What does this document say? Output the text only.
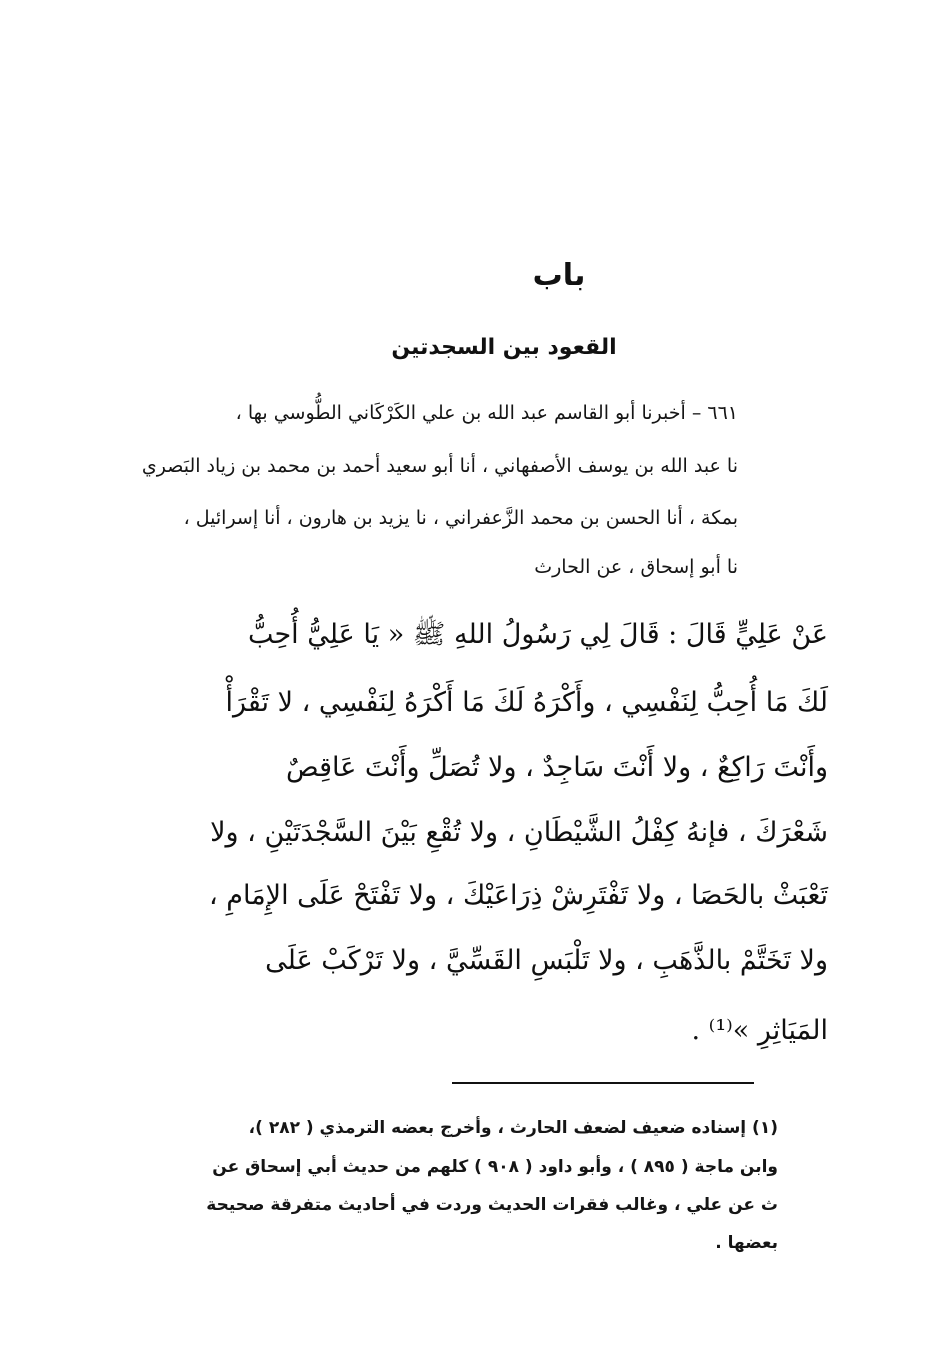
باب
القعود بين السجدتين
٦٦١ – أخبرنا أبو القاسم عبد الله بن علي الكَرْكَاني الطُّوسي بها ،
نا عبد الله بن يوسف الأصفهاني ، أنا أبو سعيد أحمد بن محمد بن زياد البَصري
بمكة ، أنا الحسن بن محمد الزَّعفراني ، نا يزيد بن هارون ، أنا إسرائيل ،
نا أبو إسحاق ، عن الحارث
عَنْ عَلِيٍّ قَالَ : قَالَ لِي رَسُولُ اللهِ ﷺ « يَا عَلِيُّ أُحِبُّ
لَكَ مَا أُحِبُّ لِنَفْسِي ، وأَكْرَهُ لَكَ مَا أَكْرَهُ لِنَفْسِي ، لا تَقْرَأْ
وأَنْتَ رَاكِعٌ ، ولا أَنْتَ سَاجِدٌ ، ولا تُصَلِّ وأَنْتَ عَاقِصٌ
شَعْرَكَ ، فإنهُ كِفْلُ الشَّيْطَانِ ، ولا تُقْعِ بَيْنَ السَّجْدَتَيْنِ ، ولا
تَعْبَثْ بالحَصَا ، ولا تَفْتَرِشْ ذِرَاعَيْكَ ، ولا تَفْتَحْ عَلَى الإِمَامِ ،
ولا تَخَتَّمْ بالذَّهَبِ ، ولا تَلْبَسِ القَسِّيَّ ، ولا تَرْكَبْ عَلَى
المَيَاثِرِ »⁽¹⁾ .
(١) إسناده ضعيف لضعف الحارث ، وأخرج بعضه الترمذي ( ٢٨٢ )،
وابن ماجة ( ٨٩٥ ) ، وأبو داود ( ٩٠٨ ) كلهم من حديث أبي إسحاق عن
ث عن علي ، وغالب فقرات الحديث وردت في أحاديث متفرقة صحيحة
بعضها .
